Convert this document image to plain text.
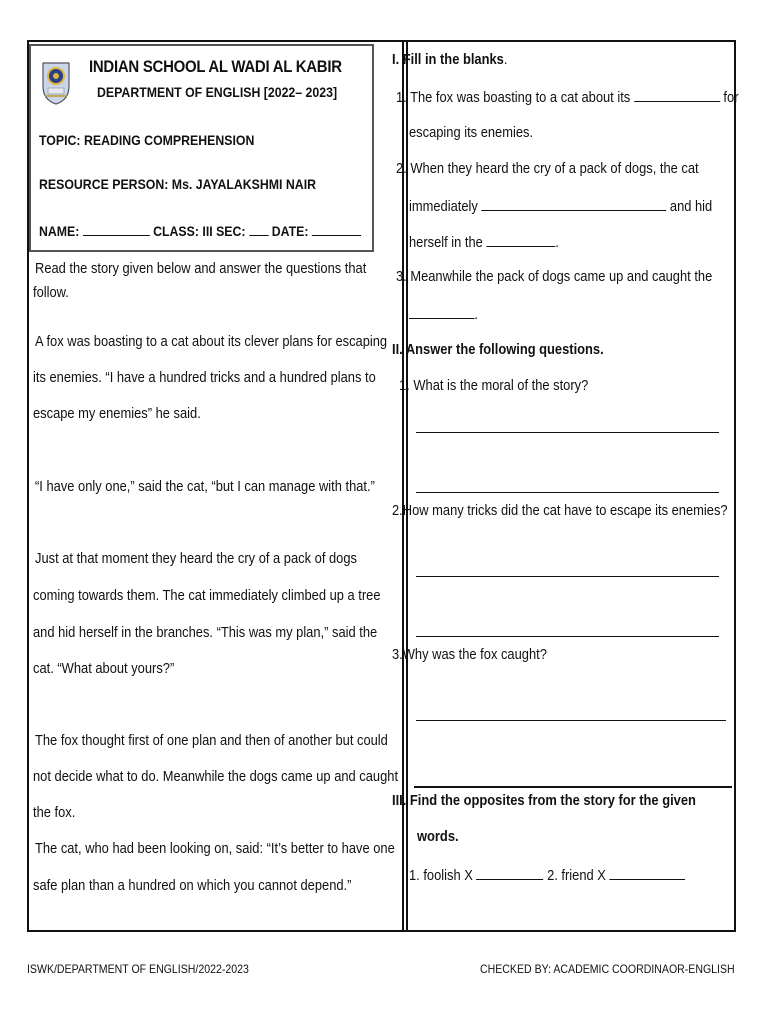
INDIAN SCHOOL AL WADI AL KABIR
DEPARTMENT OF ENGLISH [2022– 2023]
TOPIC: READING COMPREHENSION
RESOURCE PERSON: Ms. JAYALAKSHMI NAIR
NAME:	CLASS: III SEC: DATE:
Read the story given below and answer the questions that
follow.
A fox was boasting to a cat about its clever plans for escaping
its enemies. “I have a hundred tricks and a hundred plans to
escape my enemies” he said.
“I have only one,” said the cat, “but I can manage with that.”
Just at that moment they heard the cry of a pack of dogs
coming towards them. The cat immediately climbed up a tree
and hid herself in the branches. “This was my plan,” said the
cat. “What about yours?”
The fox thought first of one plan and then of another but could
not decide what to do. Meanwhile the dogs came up and caught
the fox.
The cat, who had been looking on, said: “It’s better to have one
safe plan than a hundred on which you cannot depend.”
I. Fill in the blanks.
1. The fox was boasting to a cat about its	for
escaping its enemies.
2. When they heard the cry of a pack of dogs, the cat
immediately	and hid
herself in the	.
3. Meanwhile the pack of dogs came up and caught the
.
II. Answer the following questions.
1. What is the moral of the story?
2.How many tricks did the cat have to escape its enemies?
3.Why was the fox caught?
III. Find the opposites from the story for the given
words.
1. foolish X	2. friend X
ISWK/DEPARTMENT OF ENGLISH/2022-2023	CHECKED BY: ACADEMIC COORDINAOR-ENGLISH
